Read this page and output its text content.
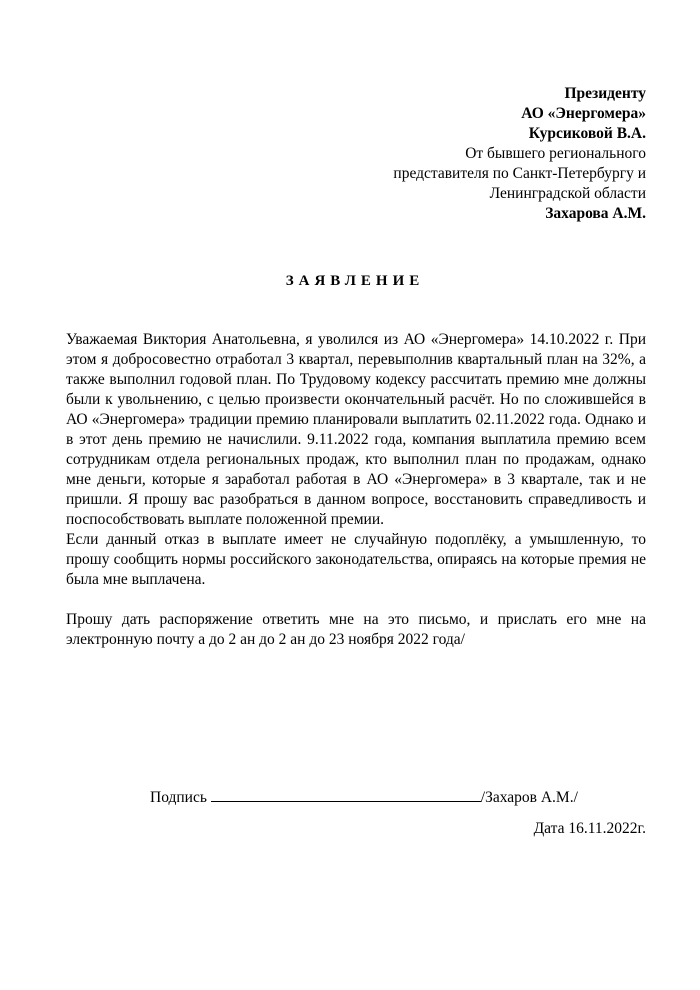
Президенту
АО «Энергомера»
Курсиковой В.А.
От бывшего регионального
представителя по Санкт-Петербургу и
Ленинградской области
Захарова А.М.
ЗАЯВЛЕНИЕ

Уважаемая Виктория Анатольевна, я уволился из АО «Энергомера» 14.10.2022 г. При этом я добросовестно отработал 3 квартал, перевыполнив квартальный план на 32%, а также выполнил годовой план. По Трудовому кодексу рассчитать премию мне должны были к увольнению, с целью произвести окончательный расчёт. Но по сложившейся в АО «Энергомера» традиции премию планировали выплатить 02.11.2022 года. Однако и в этот день премию не начислили. 9.11.2022 года, компания выплатила премию всем сотрудникам отдела региональных продаж, кто выполнил план по продажам, однако мне деньги, которые я заработал работая в АО «Энергомера» в 3 квартале, так и не пришли. Я прошу вас разобраться в данном вопросе, восстановить справедливость и поспособствовать выплате положенной премии.

Если данный отказ в выплате имеет не случайную подоплёку, а умышленную, то прошу сообщить нормы российского законодательства, опираясь на которые премия не была мне выплачена.

Прошу дать распоряжение ответить мне на это письмо, и прислать его мне на электронную почту а до 2 ан до 2 ан до 23 ноября 2022 года/

Подпись	/Захаров А.М./
Дата 16.11.2022г.
